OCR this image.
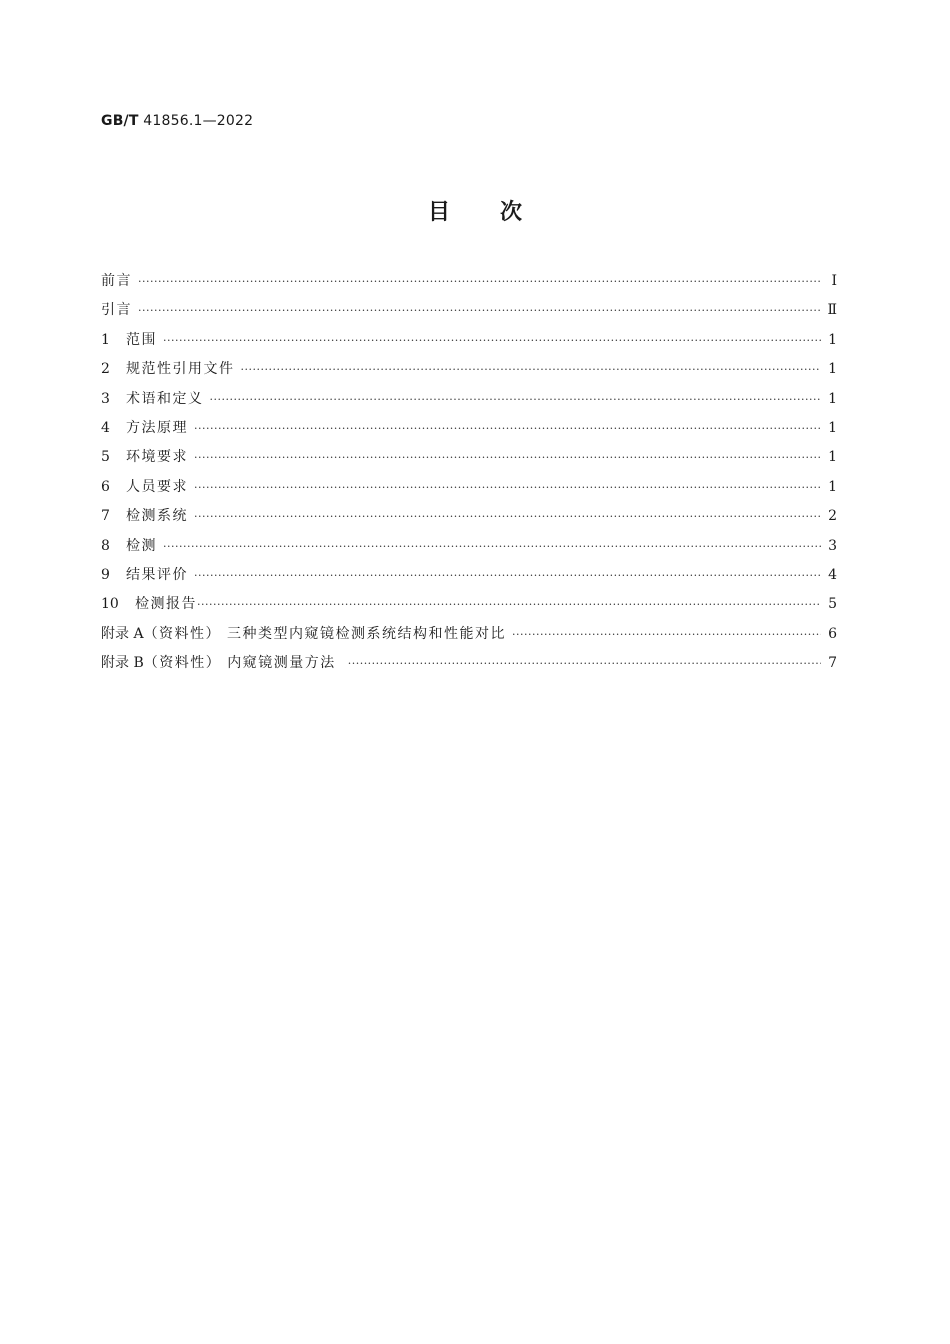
GB/T 41856.1—2022
目次
前言 ·····	Ⅰ
引言 ·····	Ⅱ
1 范围 ·····	1
2 规范性引用文件 ·····	1
3 术语和定义 ·····	1
4 方法原理 ·····	1
5 环境要求 ·····	1
6 人员要求 ·····	1
7 检测系统 ·····	2
8 检测 ·····	3
9 结果评价 ·····	4
10 检测报告 ·····	5
附录 A（资料性） 三种类型内窥镜检测系统结构和性能对比 ·····	6
附录 B（资料性） 内窥镜测量方法 ·····	7
